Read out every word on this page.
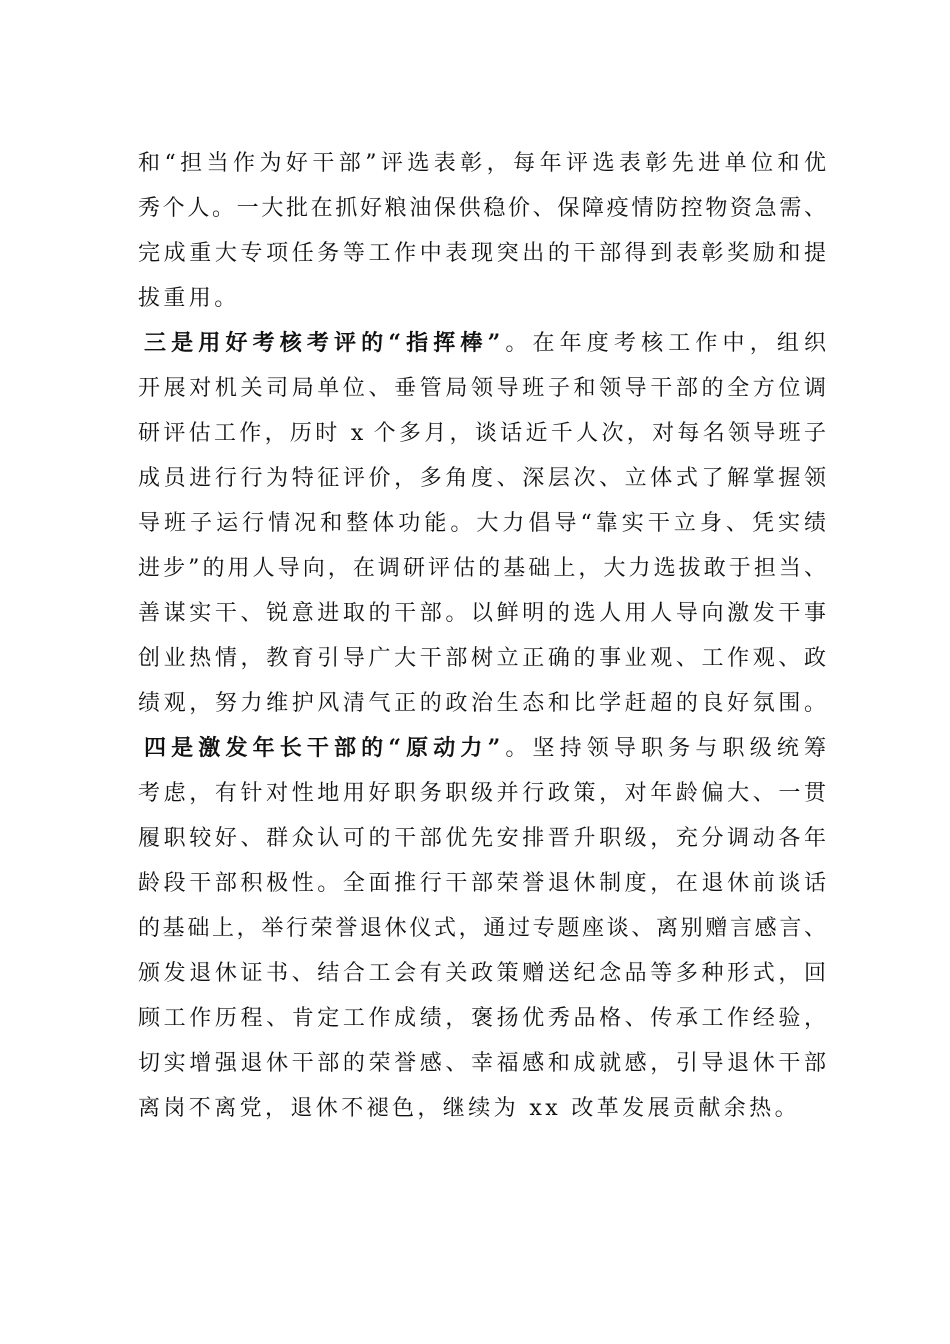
和“担当作为好干部”评选表彰，每年评选表彰先进单位和优
秀个人。一大批在抓好粮油保供稳价、保障疫情防控物资急需、
完成重大专项任务等工作中表现突出的干部得到表彰奖励和提
拔重用。
三是用好考核考评的“指挥棒”。在年度考核工作中，组织
开展对机关司局单位、垂管局领导班子和领导干部的全方位调
研评估工作，历时 x 个多月，谈话近千人次，对每名领导班子
成员进行行为特征评价，多角度、深层次、立体式了解掌握领
导班子运行情况和整体功能。大力倡导“靠实干立身、凭实绩
进步”的用人导向，在调研评估的基础上，大力选拔敢于担当、
善谋实干、锐意进取的干部。以鲜明的选人用人导向激发干事
创业热情，教育引导广大干部树立正确的事业观、工作观、政
绩观，努力维护风清气正的政治生态和比学赶超的良好氛围。
四是激发年长干部的“原动力”。坚持领导职务与职级统筹
考虑，有针对性地用好职务职级并行政策，对年龄偏大、一贯
履职较好、群众认可的干部优先安排晋升职级，充分调动各年
龄段干部积极性。全面推行干部荣誉退休制度，在退休前谈话
的基础上，举行荣誉退休仪式，通过专题座谈、离别赠言感言、
颁发退休证书、结合工会有关政策赠送纪念品等多种形式，回
顾工作历程、肯定工作成绩，褒扬优秀品格、传承工作经验，
切实增强退休干部的荣誉感、幸福感和成就感，引导退休干部
离岗不离党，退休不褪色，继续为 xx 改革发展贡献余热。
